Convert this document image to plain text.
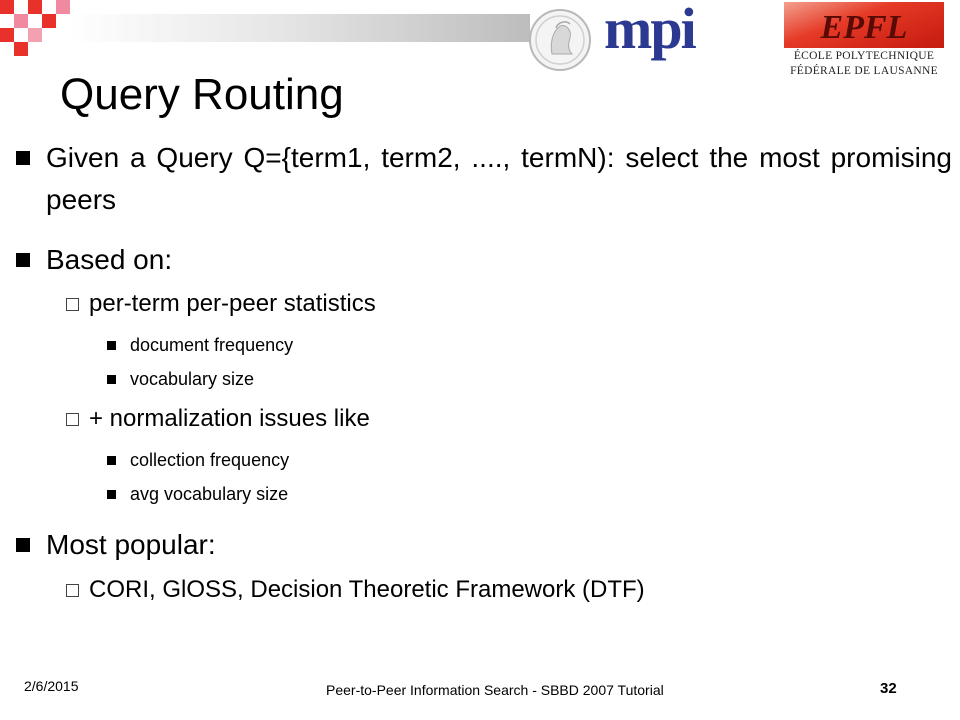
mpi	EPFL
ÉCOLE POLYTECHNIQUE
FÉDÉRALE DE LAUSANNE
Query Routing
Given a Query Q={term1, term2, ...., termN): select the most promising peers
Based on:
per-term per-peer statistics
document frequency
vocabulary size
+ normalization issues like
collection frequency
avg vocabulary size
Most popular:
CORI, GlOSS, Decision Theoretic Framework (DTF)
2/6/2015	Peer-to-Peer Information Search - SBBD 2007 Tutorial	32
